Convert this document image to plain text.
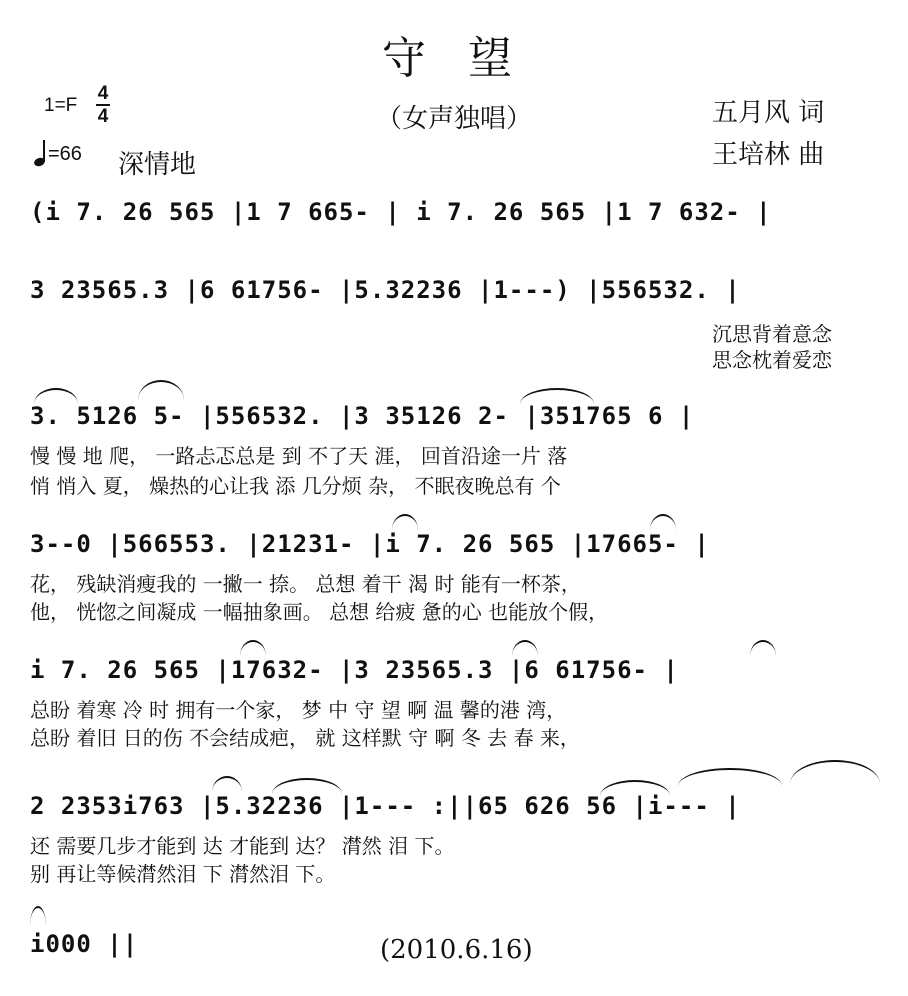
守 望
（女声独唱）
1=F
4
4
=66 深情地
五月风 词
王培林 曲
(i 7. 26 565 |1 7 665- | i 7. 26 565 |1 7 632- |
3 23565.3 |6 61756- |5.32236 |1---) |556532. |
沉思背着意念
思念枕着爱恋
3. 5126 5- |556532. |3 35126 2- |351765 6 |
慢 慢 地 爬， 一路忐忑总是 到 不了天 涯， 回首沿途一片 落
悄 悄入 夏， 燥热的心让我 添 几分烦 杂， 不眠夜晚总有 个
3--0 |566553. |21231- |i 7. 26 565 |17665- |
花， 残缺消瘦我的 一撇一 捺。 总想 着干 渴 时 能有一杯茶，
他， 恍惚之间凝成 一幅抽象画。 总想 给疲 惫的心 也能放个假，
i 7. 26 565 |17632- |3 23565.3 |6 61756- |
总盼 着寒 冷 时 拥有一个家， 梦 中 守 望 啊 温 馨的港 湾，
总盼 着旧 日的伤 不会结成疤， 就 这样默 守 啊 冬 去 春 来，
2 2353i763 |5.32236 |1--- :||65 626 56 |i--- |
还 需要几步才能到 达 才能到 达？ 潸然 泪 下。
别 再让等候潸然泪 下 潸然泪 下。
i000 ||	(2010.6.16)
